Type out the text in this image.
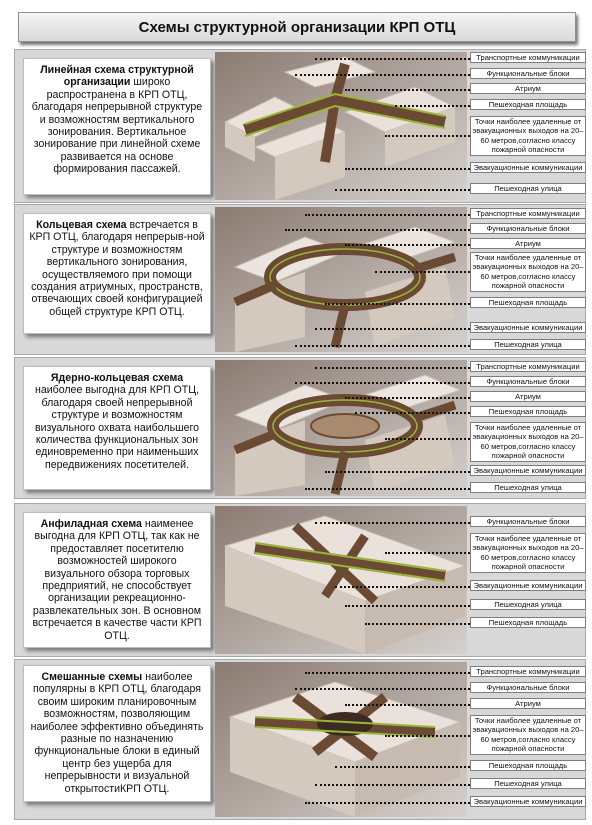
Схемы структурной организации КРП ОТЦ
Линейная схема структурной организации широко распространена в КРП ОТЦ, благодаря непрерывной структуре и возможностям вертикального зонирования. Вертикальное зонирование при линейной схеме развивается на основе формирования пассажей.
Транспортные коммуникации
Функциональные блоки
Атриум
Пешеходная площадь
Точки наиболее удаленные от эвакуационных выходов на 20–60 метров,согласно классу пожарной опасности
Эвакуационные коммуникации
Пешеходная улица
Кольцевая схема встречается в КРП ОТЦ, благодаря непрерыв-ной структуре и возможностям вертикального зонирования, осуществляемого при помощи создания атриумных, пространств, отвечающих своей конфигурацией общей структуре КРП ОТЦ.
Транспортные коммуникации
Функциональные блоки
Атриум
Точки наиболее удаленные от эвакуационных выходов на 20–60 метров,согласно классу пожарной опасности
Пешеходная площадь
Эвакуационные коммуникации
Пешеходная улица
Ядерно-кольцевая схема наиболее выгодна для КРП ОТЦ, благодаря своей непрерывной структуре и возможностям визуального охвата наибольшего количества функциональных зон единовременно при наименьших передвижениях посетителей.
Транспортные коммуникации
Функциональные блоки
Атриум
Пешеходная площадь
Точки наиболее удаленные от эвакуационных выходов на 20–60 метров,согласно классу пожарной опасности
Эвакуационные коммуникации
Пешеходная улица
Анфиладная схема наименее выгодна для КРП ОТЦ, так как не предоставляет посетителю возможностей широкого визуального обзора торговых предприятий, не способствует организации рекреационно-развлекательных зон. В основном встречается в качестве части КРП ОТЦ.
Функциональные блоки
Точки наиболее удаленные от эвакуационных выходов на 20–60 метров,согласно классу пожарной опасности
Эвакуационные коммуникации
Пешеходная улица
Пешеходная площадь
Смешанные схемы наиболее популярны в КРП ОТЦ, благодаря своим широким планировочным возможностям, позволяющим наиболее эффективно объединять разные по назначению функциональные блоки в единый центр без ущерба для непрерывности и визуальной открытостиКРП ОТЦ.
Транспортные коммуникации
Функциональные блоки
Атриум
Точки наиболее удаленные от эвакуационных выходов на 20–60 метров,согласно классу пожарной опасности
Пешеходная площадь
Пешеходная улица
Эвакуационные коммуникации
